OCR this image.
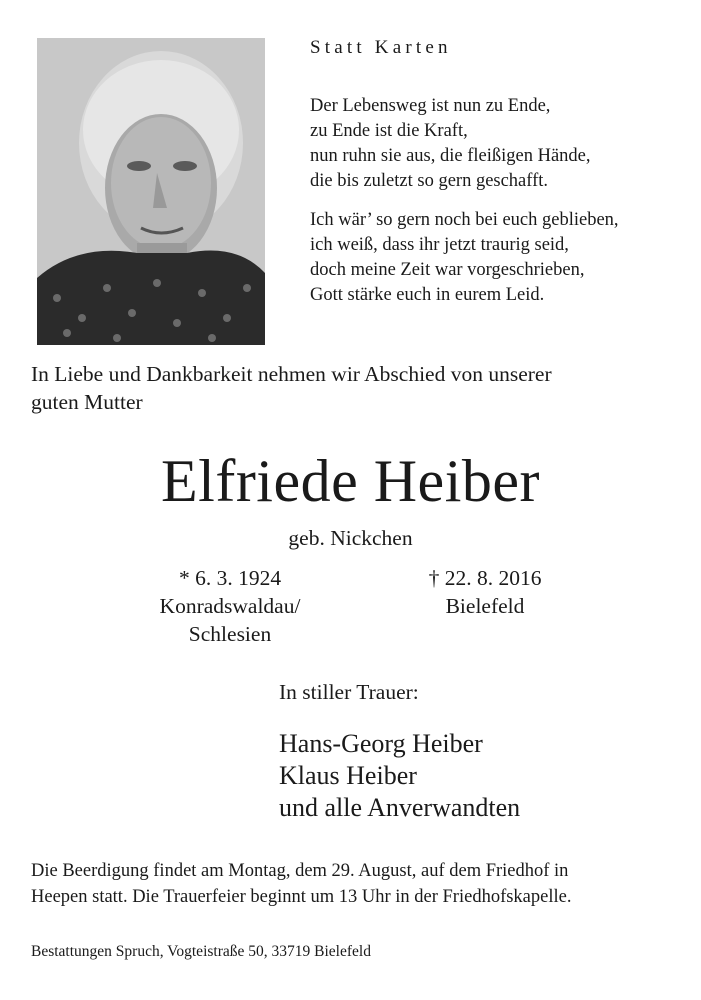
Statt Karten
Der Lebensweg ist nun zu Ende,
zu Ende ist die Kraft,
nun ruhn sie aus, die fleißigen Hände,
die bis zuletzt so gern geschafft.
Ich wär’ so gern noch bei euch geblieben,
ich weiß, dass ihr jetzt traurig seid,
doch meine Zeit war vorgeschrieben,
Gott stärke euch in eurem Leid.
In Liebe und Dankbarkeit nehmen wir Abschied von unserer
guten Mutter
Elfriede Heiber
geb. Nickchen
* 6. 3. 1924
Konradswaldau/
Schlesien
† 22. 8. 2016
Bielefeld
In stiller Trauer:
Hans-Georg Heiber
Klaus Heiber
und alle Anverwandten
Die Beerdigung findet am Montag, dem 29. August, auf dem Friedhof in
Heepen statt. Die Trauerfeier beginnt um 13 Uhr in der Friedhofskapelle.
Bestattungen Spruch, Vogteistraße 50, 33719 Bielefeld
